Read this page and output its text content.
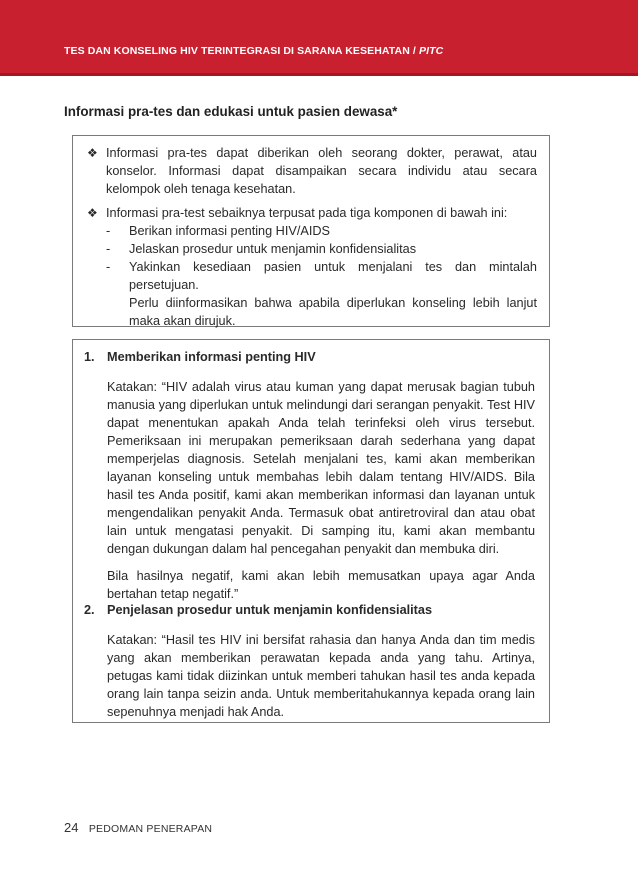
TES DAN KONSELING HIV TERINTEGRASI DI SARANA KESEHATAN / PITC
Informasi pra-tes dan edukasi untuk pasien dewasa*
❖ Informasi pra-tes dapat diberikan oleh seorang dokter, perawat, atau konselor. Informasi dapat disampaikan secara individu atau secara kelompok oleh tenaga kesehatan.
❖ Informasi pra-test sebaiknya terpusat pada tiga komponen di bawah ini:
- Berikan informasi penting HIV/AIDS
- Jelaskan prosedur untuk menjamin konfidensialitas
- Yakinkan kesediaan pasien untuk menjalani tes dan mintalah persetujuan.
Perlu diinformasikan bahwa apabila diperlukan konseling lebih lanjut maka akan dirujuk.
1. Memberikan informasi penting HIV

Katakan: “HIV adalah virus atau kuman yang dapat merusak bagian tubuh manusia yang diperlukan untuk melindungi dari serangan penyakit. Test HIV dapat menentukan apakah Anda telah terinfeksi oleh virus tersebut. Pemeriksaan ini merupakan pemeriksaan darah sederhana yang dapat memperjelas diagnosis. Setelah menjalani tes, kami akan memberikan layanan konseling untuk membahas lebih dalam tentang HIV/AIDS. Bila hasil tes Anda positif, kami akan memberikan informasi dan layanan untuk mengendalikan penyakit Anda. Termasuk obat antiretroviral dan atau obat lain untuk mengatasi penyakit. Di samping itu, kami akan membantu dengan dukungan dalam hal pencegahan penyakit dan membuka diri.

Bila hasilnya negatif, kami akan lebih memusatkan upaya agar Anda bertahan tetap negatif.”

2. Penjelasan prosedur untuk menjamin konfidensialitas

Katakan: “Hasil tes HIV ini bersifat rahasia dan hanya Anda dan tim medis yang akan memberikan perawatan kepada anda yang tahu. Artinya, petugas kami tidak diizinkan untuk memberi tahukan hasil tes anda kepada orang lain tanpa seizin anda. Untuk memberitahukannya kepada orang lain sepenuhnya menjadi hak Anda.

24 PEDOMAN PENERAPAN
